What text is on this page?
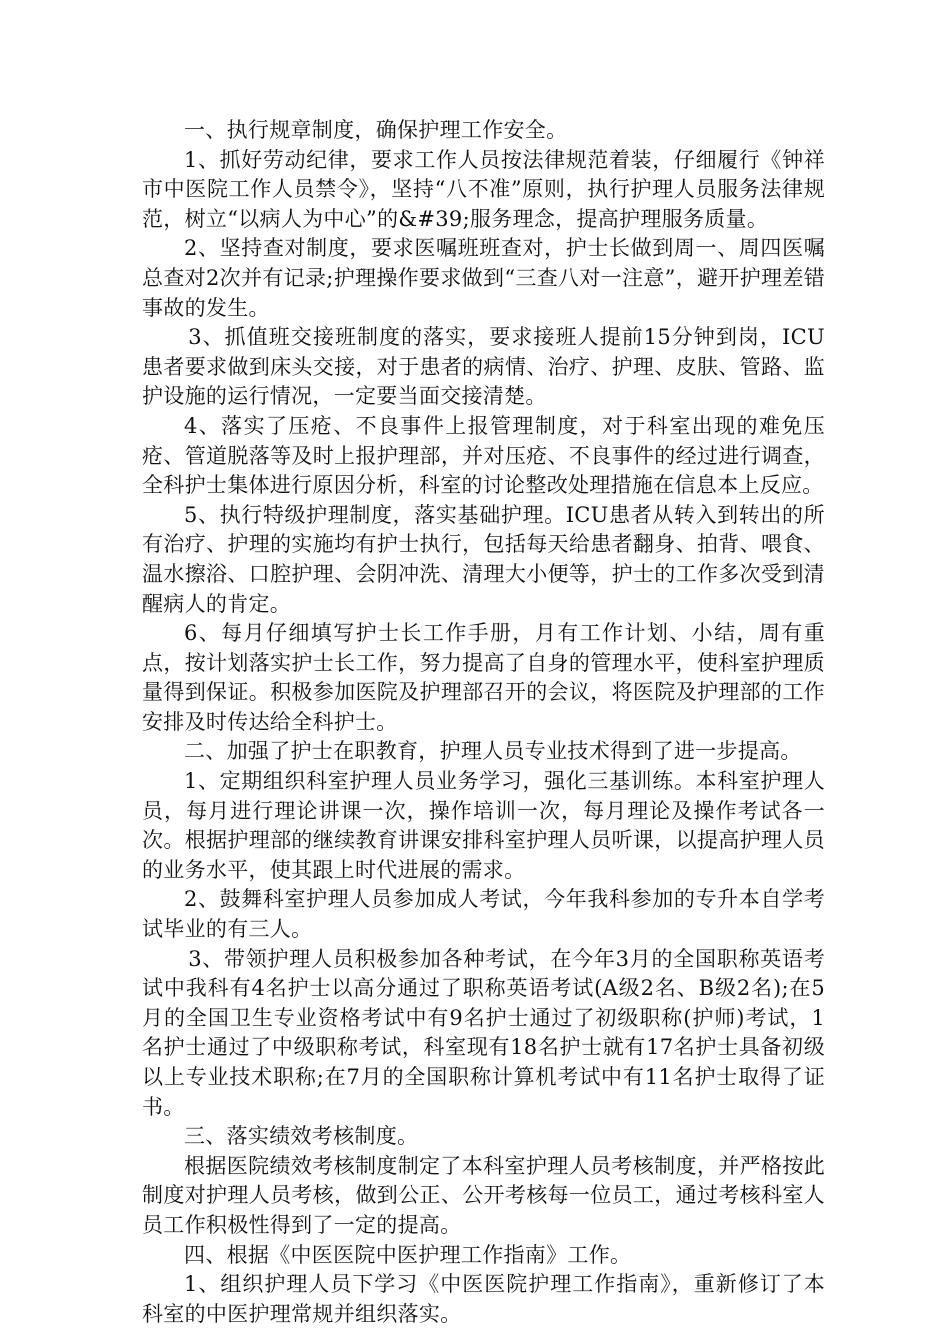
一、执行规章制度，确保护理工作安全。

1、抓好劳动纪律，要求工作人员按法律规范着装，仔细履行《钟祥市中医院工作人员禁令》，坚持“八不准”原则，执行护理人员服务法律规范，树立“以病人为中心”的&#39;服务理念，提高护理服务质量。

2、坚持查对制度，要求医嘱班班查对，护士长做到周一、周四医嘱总查对2次并有记录;护理操作要求做到“三查八对一注意”，避开护理差错事故的发生。

3、抓值班交接班制度的落实，要求接班人提前15分钟到岗，ICU患者要求做到床头交接，对于患者的病情、治疗、护理、皮肤、管路、监护设施的运行情况，一定要当面交接清楚。

4、落实了压疮、不良事件上报管理制度，对于科室出现的难免压疮、管道脱落等及时上报护理部，并对压疮、不良事件的经过进行调查，全科护士集体进行原因分析，科室的讨论整改处理措施在信息本上反应。

5、执行特级护理制度，落实基础护理。ICU患者从转入到转出的所有治疗、护理的实施均有护士执行，包括每天给患者翻身、拍背、喂食、温水擦浴、口腔护理、会阴冲洗、清理大小便等，护士的工作多次受到清醒病人的肯定。

6、每月仔细填写护士长工作手册，月有工作计划、小结，周有重点，按计划落实护士长工作，努力提高了自身的管理水平，使科室护理质量得到保证。积极参加医院及护理部召开的会议，将医院及护理部的工作安排及时传达给全科护士。

二、加强了护士在职教育，护理人员专业技术得到了进一步提高。

1、定期组织科室护理人员业务学习，强化三基训练。本科室护理人员，每月进行理论讲课一次，操作培训一次，每月理论及操作考试各一次。根据护理部的继续教育讲课安排科室护理人员听课，以提高护理人员的业务水平，使其跟上时代进展的需求。

2、鼓舞科室护理人员参加成人考试，今年我科参加的专升本自学考试毕业的有三人。

3、带领护理人员积极参加各种考试，在今年3月的全国职称英语考试中我科有4名护士以高分通过了职称英语考试(A级2名、B级2名);在5月的全国卫生专业资格考试中有9名护士通过了初级职称(护师)考试，1名护士通过了中级职称考试，科室现有18名护士就有17名护士具备初级以上专业技术职称;在7月的全国职称计算机考试中有11名护士取得了证书。

三、落实绩效考核制度。

根据医院绩效考核制度制定了本科室护理人员考核制度，并严格按此制度对护理人员考核，做到公正、公开考核每一位员工，通过考核科室人员工作积极性得到了一定的提高。

四、根据《中医医院中医护理工作指南》工作。

1、组织护理人员下学习《中医医院护理工作指南》，重新修订了本科室的中医护理常规并组织落实。
